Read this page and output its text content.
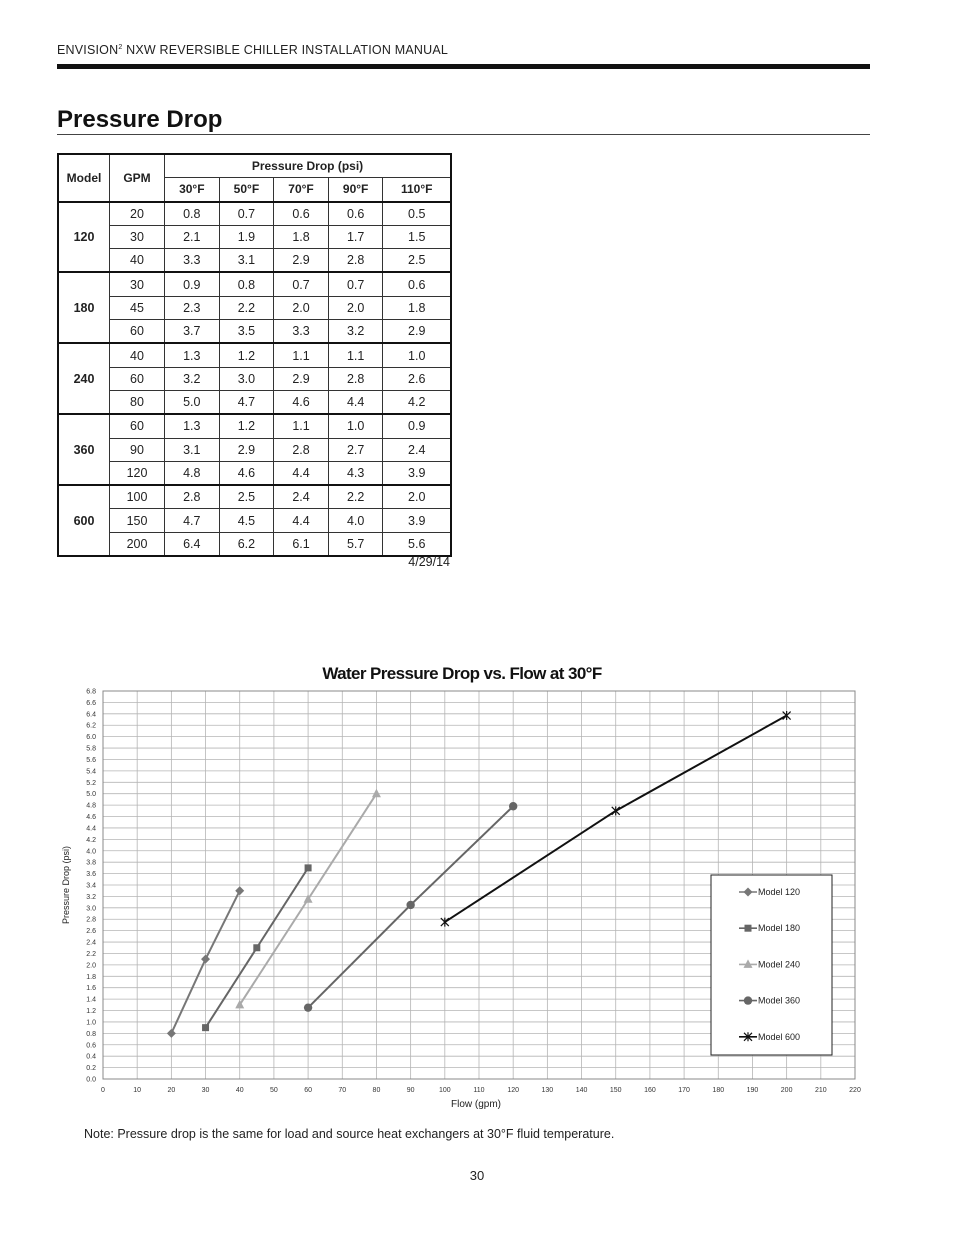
ENVISION$^2$ NXW REVERSIBLE CHILLER INSTALLATION MANUAL
Pressure Drop
Model	GPM	Pressure Drop (psi)				
		30°F	50°F	70°F	90°F	110°F
120	20	0.8	0.7	0.6	0.6	0.5
	30	2.1	1.9	1.8	1.7	1.5
	40	3.3	3.1	2.9	2.8	2.5
180	30	0.9	0.8	0.7	0.7	0.6
	45	2.3	2.2	2.0	2.0	1.8
	60	3.7	3.5	3.3	3.2	2.9
240	40	1.3	1.2	1.1	1.1	1.0
	60	3.2	3.0	2.9	2.8	2.6
	80	5.0	4.7	4.6	4.4	4.2
360	60	1.3	1.2	1.1	1.0	0.9
	90	3.1	2.9	2.8	2.7	2.4
	120	4.8	4.6	4.4	4.3	3.9
600	100	2.8	2.5	2.4	2.2	2.0
	150	4.7	4.5	4.4	4.0	3.9
	200	6.4	6.2	6.1	5.7	5.6
4/29/14
Water Pressure Drop vs. Flow at 30°F
0.0
0.2
0.4
0.6
0.8
1.0
1.2
1.4
1.6
1.8
2.0
2.2
2.4
2.6
2.8
3.0
3.2
3.4
3.6
3.8
4.0
4.2
4.4
4.6
4.8
5.0
5.2
5.4
5.6
5.8
6.0
6.2
6.4
6.6
6.8
0	10	20	30	40	50	60	70	80	90	100	110	120	130	140	150	160	170	180	190	200	210	220
Flow (gpm)
Pressure Drop (psi)	Model 120
Model 180
Model 240
Model 360
Model 600
Note: Pressure drop is the same for load and source heat exchangers at 30°F fluid temperature.
30
